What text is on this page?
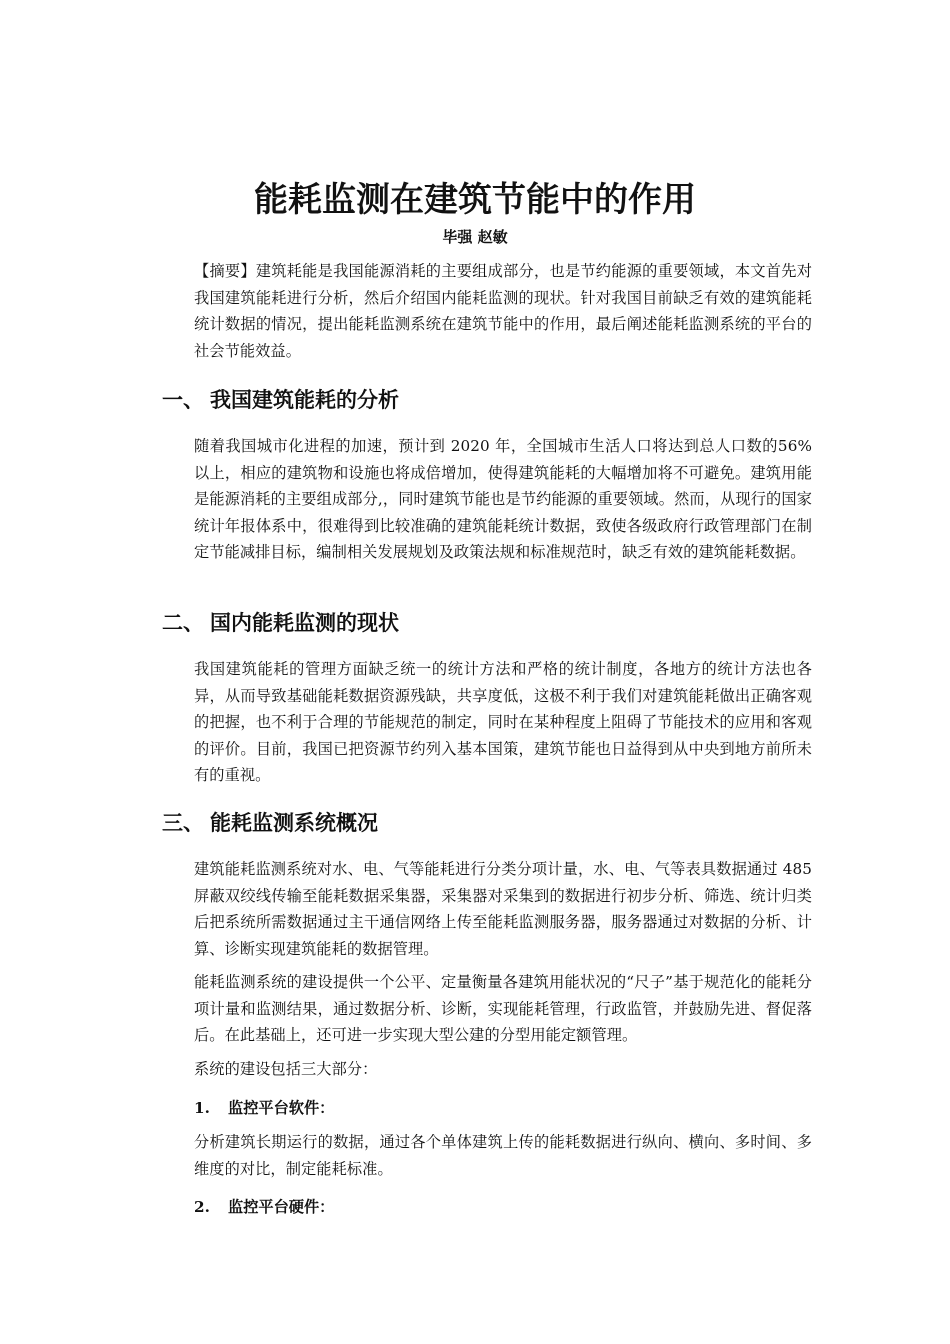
能耗监测在建筑节能中的作用
毕强 赵敏

【摘要】建筑耗能是我国能源消耗的主要组成部分，也是节约能源的重要领域，本文首先对我国建筑能耗进行分析，然后介绍国内能耗监测的现状。针对我国目前缺乏有效的建筑能耗统计数据的情况，提出能耗监测系统在建筑节能中的作用，最后阐述能耗监测系统的平台的社会节能效益。

一、 我国建筑能耗的分析

随着我国城市化进程的加速，预计到 2020 年，全国城市生活人口将达到总人口数的56%以上，相应的建筑物和设施也将成倍增加，使得建筑能耗的大幅增加将不可避免。建筑用能是能源消耗的主要组成部分,，同时建筑节能也是节约能源的重要领域。然而，从现行的国家统计年报体系中，很难得到比较准确的建筑能耗统计数据，致使各级政府行政管理部门在制定节能减排目标，编制相关发展规划及政策法规和标准规范时，缺乏有效的建筑能耗数据。

二、 国内能耗监测的现状

我国建筑能耗的管理方面缺乏统一的统计方法和严格的统计制度，各地方的统计方法也各异，从而导致基础能耗数据资源残缺，共享度低，这极不利于我们对建筑能耗做出正确客观的把握，也不利于合理的节能规范的制定，同时在某种程度上阻碍了节能技术的应用和客观的评价。目前，我国已把资源节约列入基本国策，建筑节能也日益得到从中央到地方前所未有的重视。

三、 能耗监测系统概况

建筑能耗监测系统对水、电、气等能耗进行分类分项计量，水、电、气等表具数据通过 485 屏蔽双绞线传输至能耗数据采集器，采集器对采集到的数据进行初步分析、筛选、统计归类后把系统所需数据通过主干通信网络上传至能耗监测服务器，服务器通过对数据的分析、计算、诊断实现建筑能耗的数据管理。

能耗监测系统的建设提供一个公平、定量衡量各建筑用能状况的“尺子”基于规范化的能耗分项计量和监测结果，通过数据分析、诊断，实现能耗管理，行政监管，并鼓励先进、督促落后。在此基础上，还可进一步实现大型公建的分型用能定额管理。

系统的建设包括三大部分：

1. 监控平台软件：

分析建筑长期运行的数据，通过各个单体建筑上传的能耗数据进行纵向、横向、多时间、多维度的对比，制定能耗标准。

2. 监控平台硬件：
